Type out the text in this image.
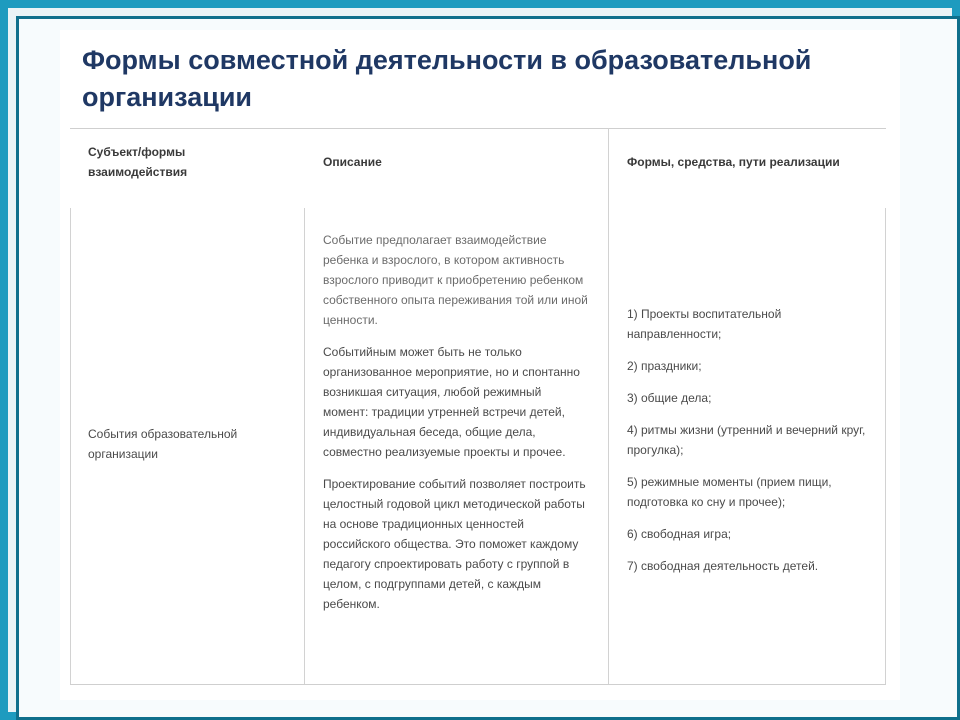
Формы совместной деятельности в образовательной организации
Субъект/формы взаимодействия
Описание	Формы, средства, пути реализации
События образовательной организации

Событие предполагает взаимодействие ребенка и взрослого, в котором активность взрослого приводит к приобретению ребенком собственного опыта переживания той или иной ценности.

Событийным может быть не только организованное мероприятие, но и спонтанно возникшая ситуация, любой режимный момент: традиции утренней встречи детей, индивидуальная беседа, общие дела, совместно реализуемые проекты и прочее.

Проектирование событий позволяет построить целостный годовой цикл методической работы на основе традиционных ценностей российского общества. Это поможет каждому педагогу спроектировать работу с группой в целом, с подгруппами детей, с каждым ребенком.

1) Проекты воспитательной направленности;
2) праздники;
3) общие дела;
4) ритмы жизни (утренний и вечерний круг, прогулка);
5) режимные моменты (прием пищи, подготовка ко сну и прочее);
6) свободная игра;
7) свободная деятельность детей.
